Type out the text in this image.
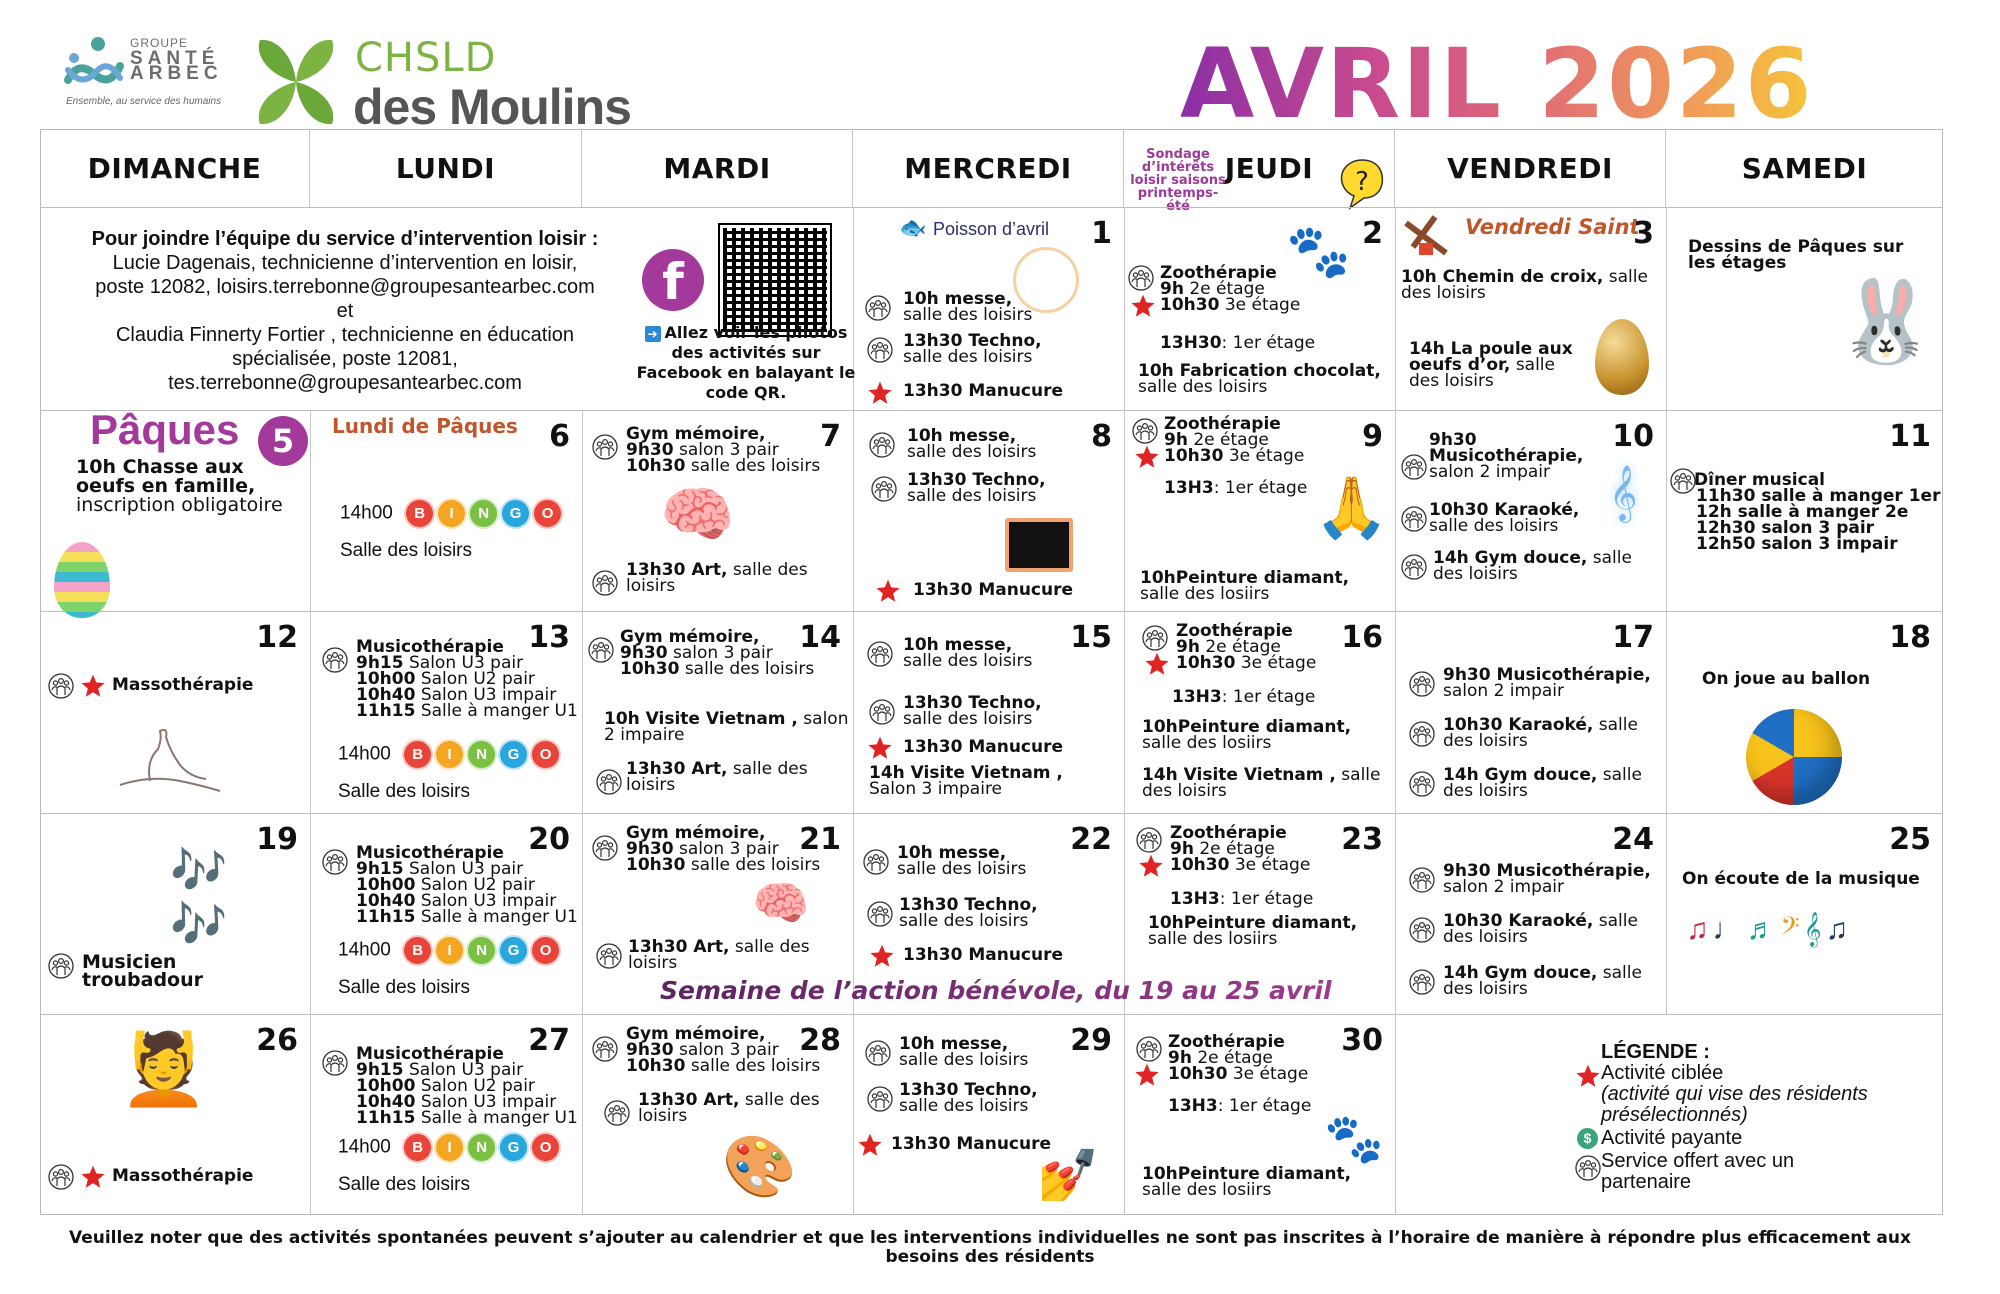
GROUPE
SANTÉ
ARBEC
Ensemble, au service des humains
CHSLD
des Moulins	AVRIL 2026
DIMANCHE	LUNDI	MARDI	MERCREDI	JEUDI	VENDREDI	SAMEDI
Sondage d’intérêts loisir saisons printemps-été
?
Pour joindre l’équipe du service d’intervention loisir :
Lucie Dagenais, technicienne d’intervention en loisir,
poste 12082, loisirs.terrebonne@groupesantearbec.com
et
Claudia Finnerty Fortier , technicienne en éducation
spécialisée, poste 12081,
tes.terrebonne@groupesantearbec.com
f
➔ Allez voir les photos des activités sur Facebook en balayant le code QR.
🐟 Poisson d’avril 1
10h messe,
salle des loisirs
13h30 Techno,
salle des loisirs
13h30 Manucure
🐾 2
Zoothérapie
9h 2e étage
10h30 3e étage
13H30: 1er étage
10h Fabrication chocolat,
salle des loisirs
Vendredi Saint
3
10h Chemin de croix, salle des loisirs
14h La poule aux oeufs d’or, salle des loisirs
Dessins de Pâques sur les étages
🐰
Pâques	5
10h Chasse aux oeufs en famille, inscription obligatoire
Lundi de Pâques 6
14h00	B	I	N	G	O
Salle des loisirs
7
Gym mémoire,
9h30 salon 3 pair
10h30 salle des loisirs
🧠
13h30 Art, salle des loisirs
8
10h messe,
salle des loisirs
13h30 Techno,
salle des loisirs
13h30 Manucure
9
Zoothérapie
9h 2e étage
10h30 3e étage
13H3: 1er étage 🙏
10hPeinture diamant,
salle des losiirs
10
9h30 Musicothérapie,
salon 2 impair
10h30 Karaoké,
salle des loisirs
𝄞
14h Gym douce, salle des loisirs
11
Dîner musical
11h30 salle à manger 1er
12h salle à manger 2e
12h30 salon 3 pair
12h50 salon 3 impair
12
Massothérapie
13
Musicothérapie
9h15 Salon U3 pair
10h00 Salon U2 pair
10h40 Salon U3 impair
11h15 Salle à manger U1
14h00	B	I	N	G	O
Salle des loisirs
14
Gym mémoire,
9h30 salon 3 pair
10h30 salle des loisirs
10h Visite Vietnam , salon 2 impaire
13h30 Art, salle des loisirs
15
10h messe,
salle des loisirs
13h30 Techno,
salle des loisirs
13h30 Manucure
14h Visite Vietnam ,
Salon 3 impaire
16
Zoothérapie
9h 2e étage
10h30 3e étage
13H3: 1er étage
10hPeinture diamant,
salle des losiirs
14h Visite Vietnam , salle des loisirs
17
9h30 Musicothérapie,
salon 2 impair
10h30 Karaoké, salle des loisirs
14h Gym douce, salle des loisirs
18
On joue au ballon
19
🎶
🎶
Musicien troubadour
20
Musicothérapie
9h15 Salon U3 pair
10h00 Salon U2 pair
10h40 Salon U3 impair
11h15 Salle à manger U1
14h00	B	I	N	G	O
Salle des loisirs
21
Gym mémoire,
9h30 salon 3 pair
10h30 salle des loisirs
🧠
13h30 Art, salle des loisirs
22
10h messe,
salle des loisirs
13h30 Techno,
salle des loisirs
13h30 Manucure
23
Zoothérapie
9h 2e étage
10h30 3e étage
13H3: 1er étage
10hPeinture diamant,
salle des losiirs
24
9h30 Musicothérapie,
salon 2 impair
10h30 Karaoké, salle des loisirs
14h Gym douce, salle des loisirs
25
On écoute de la musique
♫♩♬𝄢𝄞♫
Semaine de l’action bénévole, du 19 au 25 avril
26
💆
Massothérapie
27
Musicothérapie
9h15 Salon U3 pair
10h00 Salon U2 pair
10h40 Salon U3 impair
11h15 Salle à manger U1
14h00	B	I	N	G	O
Salle des loisirs
28
Gym mémoire,
9h30 salon 3 pair
10h30 salle des loisirs
13h30 Art, salle des loisirs
🎨
29
10h messe,
salle des loisirs
13h30 Techno,
salle des loisirs
13h30 Manucure
💅
30
Zoothérapie
9h 2e étage
10h30 3e étage
13H3: 1er étage
🐾
10hPeinture diamant,
salle des losiirs
LÉGENDE :
Activité ciblée
(activité qui vise des résidents présélectionnés)
$ Activité payante
Service offert avec un partenaire
Veuillez noter que des activités spontanées peuvent s’ajouter au calendrier et que les interventions individuelles ne sont pas inscrites à l’horaire de manière à répondre plus efficacement aux besoins des résidents
